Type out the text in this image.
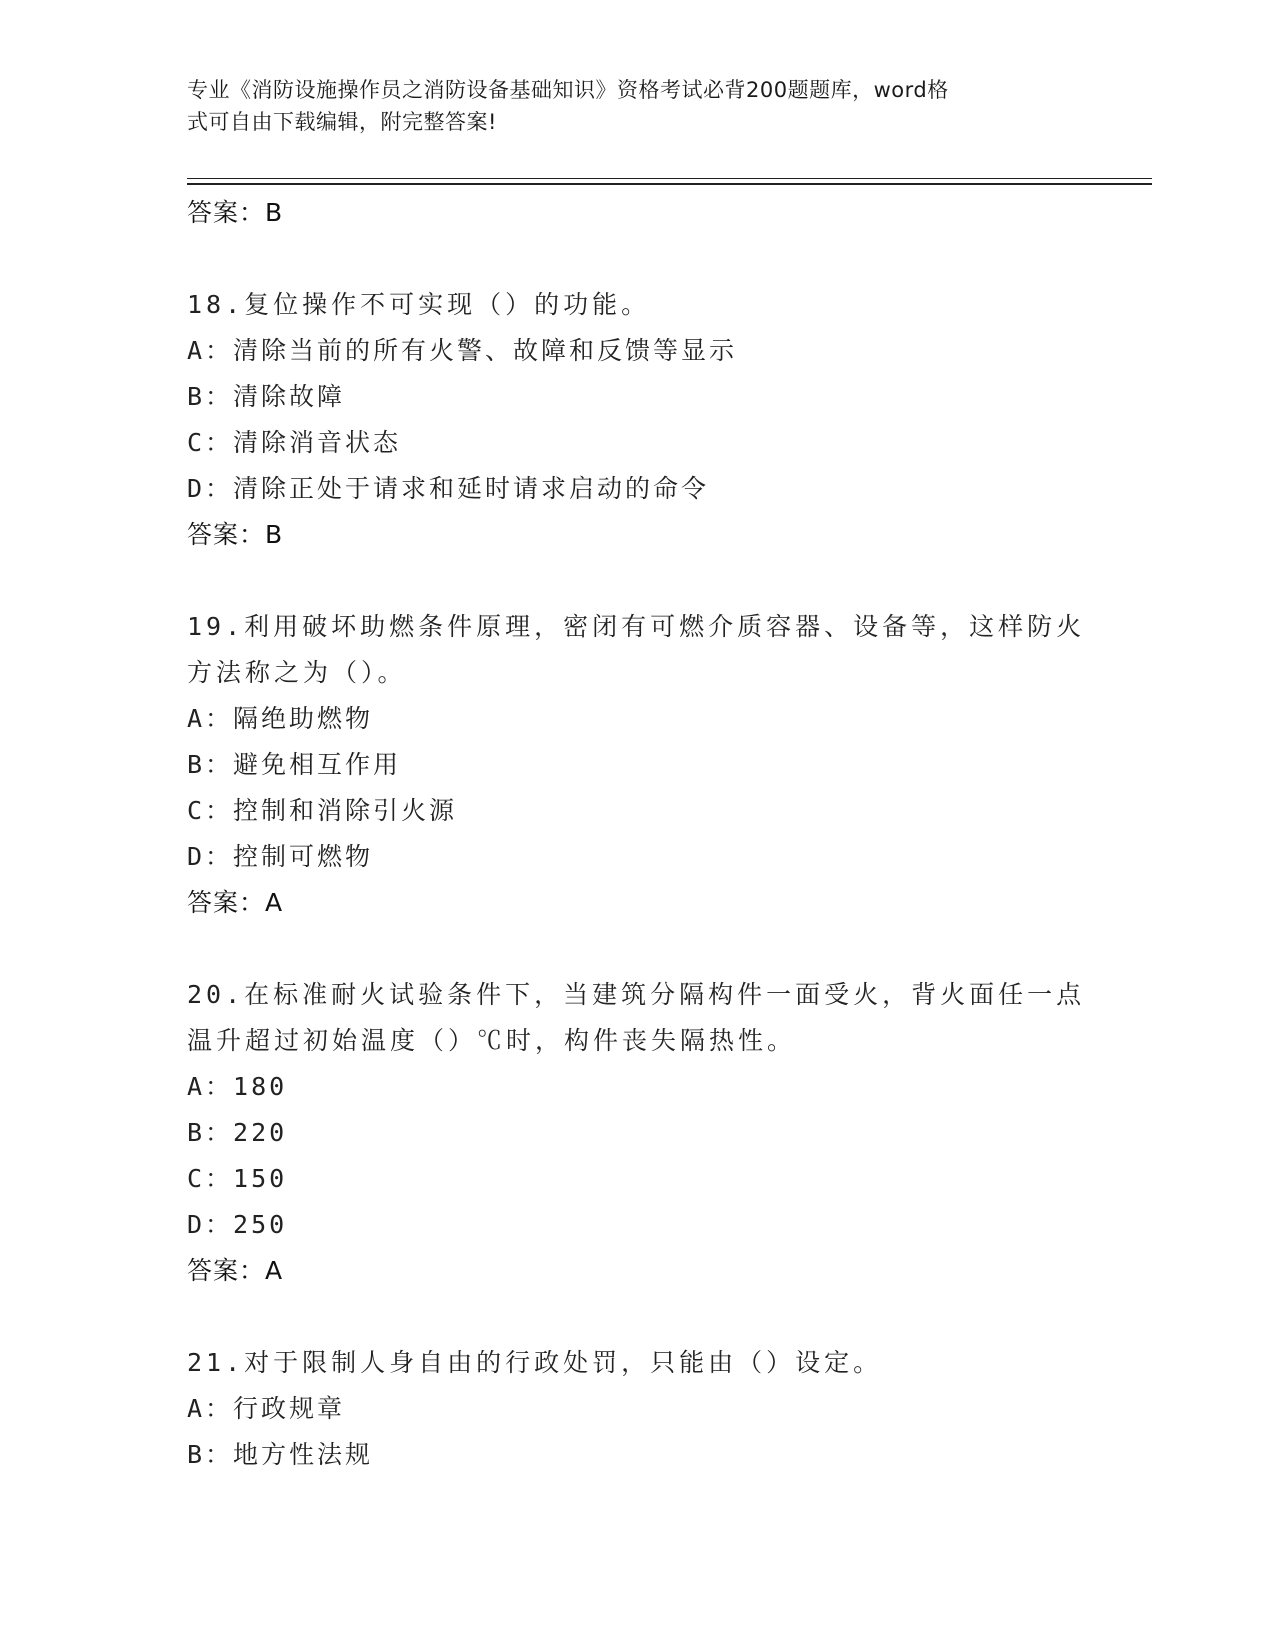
专业《消防设施操作员之消防设备基础知识》资格考试必背200题题库，word格
式可自由下载编辑，附完整答案!
答案：B
18.复位操作不可实现（）的功能。
A：清除当前的所有火警、故障和反馈等显示
B：清除故障
C：清除消音状态
D：清除正处于请求和延时请求启动的命令
答案：B
19.利用破坏助燃条件原理，密闭有可燃介质容器、设备等，这样防火
方法称之为（）。
A：隔绝助燃物
B：避免相互作用
C：控制和消除引火源
D：控制可燃物
答案：A
20.在标准耐火试验条件下，当建筑分隔构件一面受火，背火面任一点
温升超过初始温度（）℃时，构件丧失隔热性。
A：180
B：220
C：150
D：250
答案：A
21.对于限制人身自由的行政处罚，只能由（）设定。
A：行政规章
B：地方性法规
